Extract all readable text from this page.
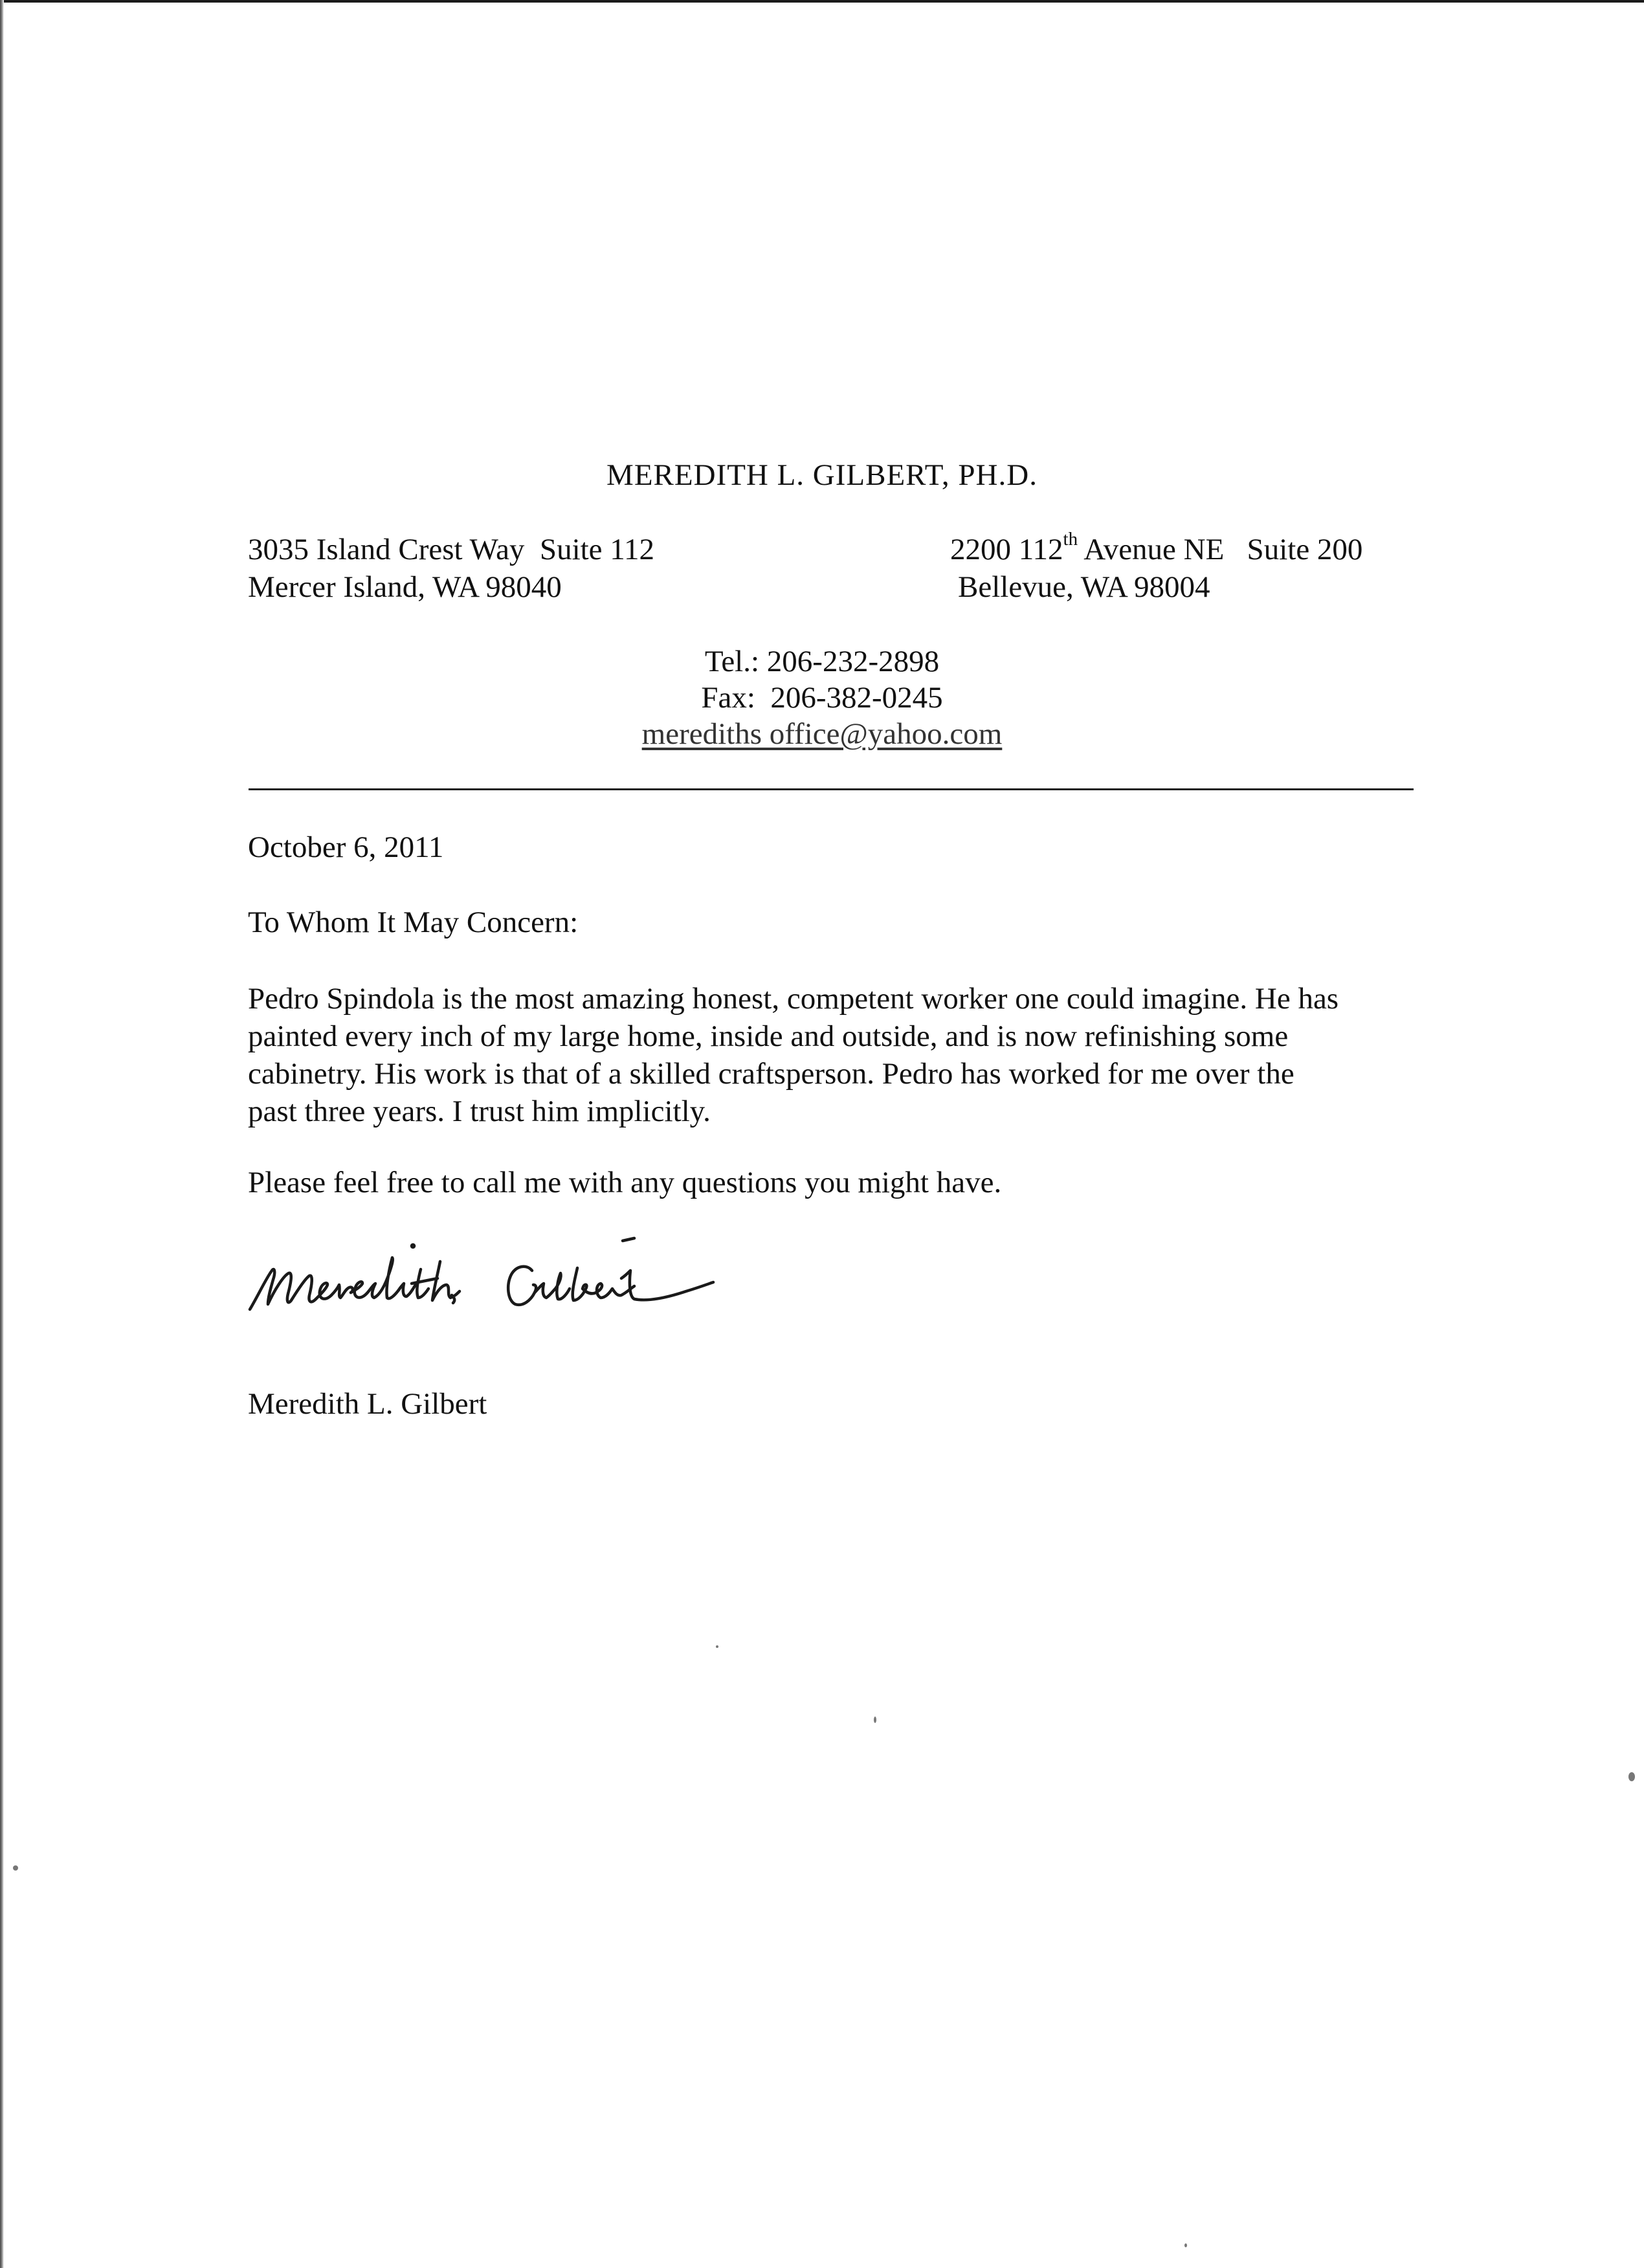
MEREDITH L. GILBERT, PH.D.
3035 Island Crest Way  Suite 112
Mercer Island, WA 98040
2200 112th Avenue NE   Suite 200
Bellevue, WA 98004
Tel.: 206-232-2898
Fax:  206-382-0245
merediths office@yahoo.com
October 6, 2011
To Whom It May Concern:
Pedro Spindola is the most amazing honest, competent worker one could imagine. He has
painted every inch of my large home, inside and outside, and is now refinishing some
cabinetry. His work is that of a skilled craftsperson. Pedro has worked for me over the
past three years. I trust him implicitly.
Please feel free to call me with any questions you might have.
Meredith L. Gilbert
